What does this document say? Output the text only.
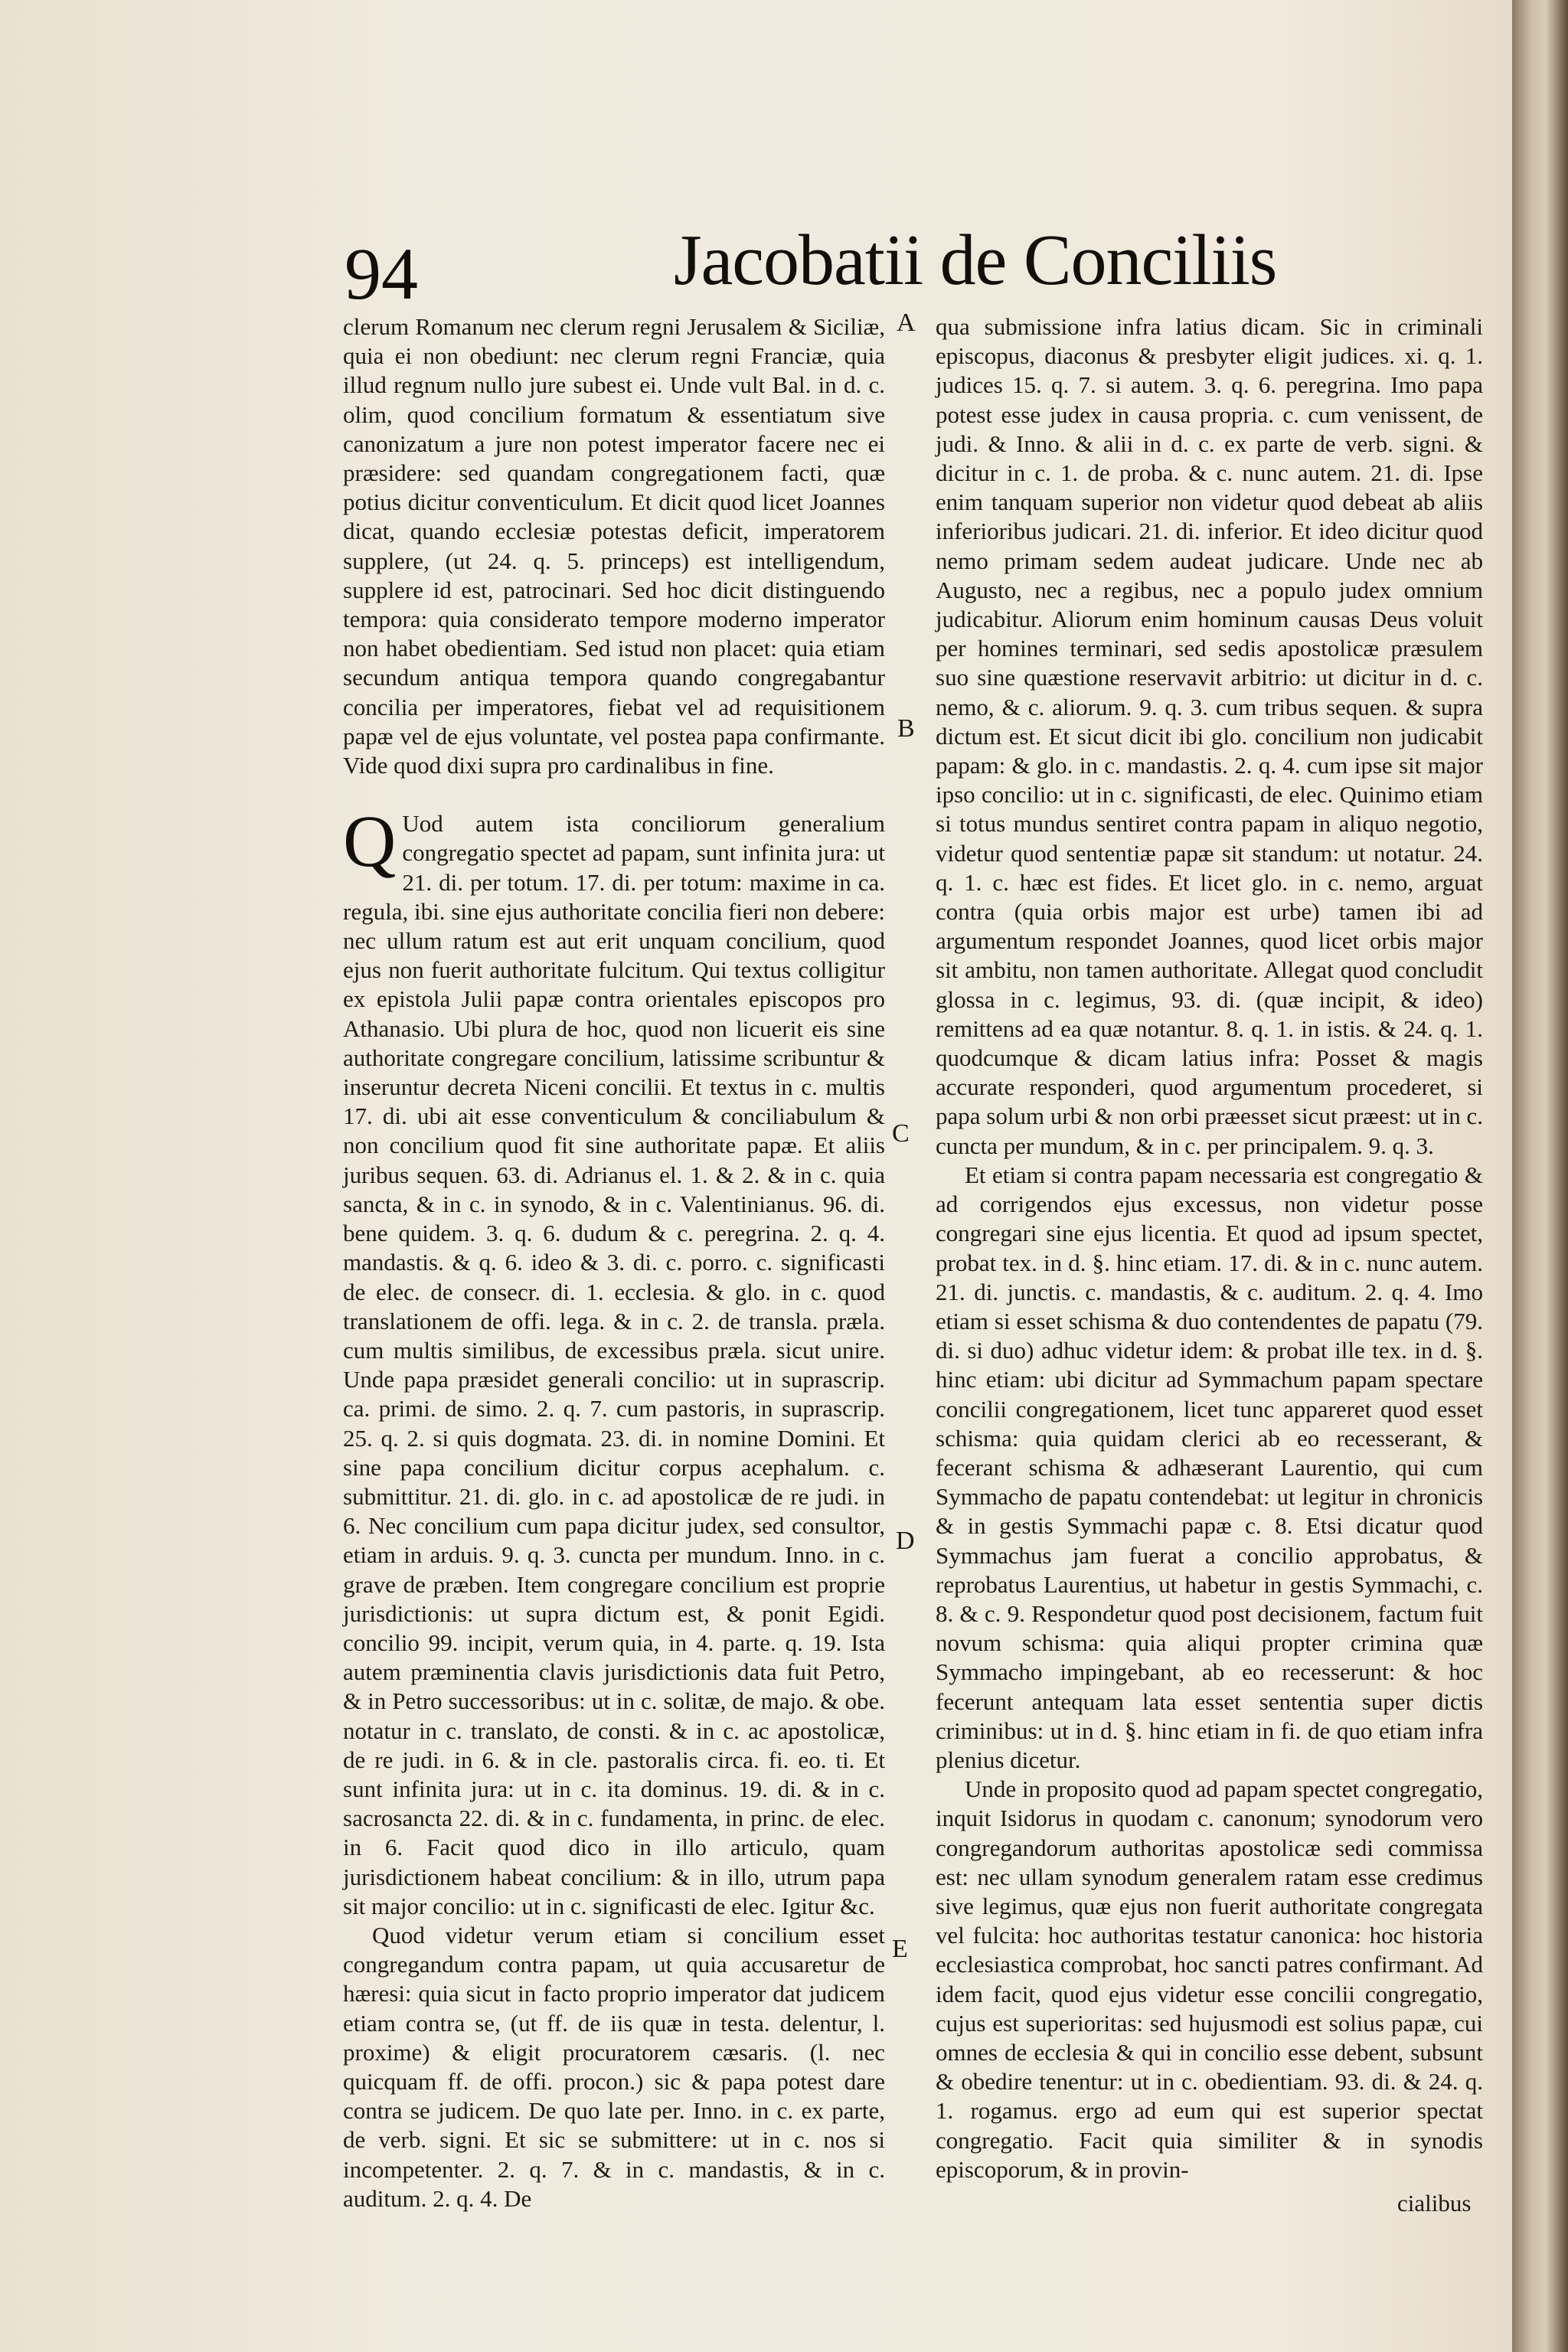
94	Jacobatii de Conciliis

clerum Romanum nec clerum regni Jerusalem & Siciliæ, quia ei non obediunt: nec clerum regni Franciæ, quia illud regnum nullo jure subest ei. Unde vult Bal. in d. c. olim, quod concilium formatum & essentiatum sive canonizatum a jure non potest imperator facere nec ei præsidere: sed quandam congregationem facti, quæ potius dicitur conventiculum. Et dicit quod licet Joannes dicat, quando ecclesiæ potestas deficit, imperatorem supplere, (ut 24. q. 5. princeps) est intelligendum, supplere id est, patrocinari. Sed hoc dicit distinguendo tempora: quia considerato tempore moderno imperator non habet obedientiam. Sed istud non placet: quia etiam secundum antiqua tempora quando congregabantur concilia per imperatores, fiebat vel ad requisitionem papæ vel de ejus voluntate, vel postea papa confirmante. Vide quod dixi supra pro cardinalibus in fine.

Q Uod autem ista conciliorum generalium congregatio spectet ad papam, sunt infinita jura: ut 21. di. per totum. 17. di. per totum: maxime in ca. regula, ibi. sine ejus authoritate concilia fieri non debere: nec ullum ratum est aut erit unquam concilium, quod ejus non fuerit authoritate fulcitum. Qui textus colligitur ex epistola Julii papæ contra orientales episcopos pro Athanasio. Ubi plura de hoc, quod non licuerit eis sine authoritate congregare concilium, latissime scribuntur & inseruntur decreta Niceni concilii. Et textus in c. multis 17. di. ubi ait esse conventiculum & conciliabulum & non concilium quod fit sine authoritate papæ. Et aliis juribus sequen. 63. di. Adrianus el. 1. & 2. & in c. quia sancta, & in c. in synodo, & in c. Valentinianus. 96. di. bene quidem. 3. q. 6. dudum & c. peregrina. 2. q. 4. mandastis. & q. 6. ideo & 3. di. c. porro. c. significasti de elec. de consecr. di. 1. ecclesia. & glo. in c. quod translationem de offi. lega. & in c. 2. de transla. præla. cum multis similibus, de excessibus præla. sicut unire. Unde papa præsidet generali concilio: ut in suprascrip. ca. primi. de simo. 2. q. 7. cum pastoris, in suprascrip. 25. q. 2. si quis dogmata. 23. di. in nomine Domini. Et sine papa concilium dicitur corpus acephalum. c. submittitur. 21. di. glo. in c. ad apostolicæ de re judi. in 6. Nec concilium cum papa dicitur judex, sed consultor, etiam in arduis. 9. q. 3. cuncta per mundum. Inno. in c. grave de præben. Item congregare concilium est proprie jurisdictionis: ut supra dictum est, & ponit Egidi. concilio 99. incipit, verum quia, in 4. parte. q. 19. Ista autem præminentia clavis jurisdictionis data fuit Petro, & in Petro successoribus: ut in c. solitæ, de majo. & obe. notatur in c. translato, de consti. & in c. ac apostolicæ, de re judi. in 6. & in cle. pastoralis circa. fi. eo. ti. Et sunt infinita jura: ut in c. ita dominus. 19. di. & in c. sacrosancta 22. di. & in c. fundamenta, in princ. de elec. in 6. Facit quod dico in illo articulo, quam jurisdictionem habeat concilium: & in illo, utrum papa sit major concilio: ut in c. significasti de elec. Igitur &c.

Quod videtur verum etiam si concilium esset congregandum contra papam, ut quia accusaretur de hæresi: quia sicut in facto proprio imperator dat judicem etiam contra se, (ut ff. de iis quæ in testa. delentur, l. proxime) & eligit procuratorem cæsaris. (l. nec quicquam ff. de offi. procon.) sic & papa potest dare contra se judicem. De quo late per. Inno. in c. ex parte, de verb. signi. Et sic se submittere: ut in c. nos si incompetenter. 2. q. 7. & in c. mandastis, & in c. auditum. 2. q. 4. De

A
B
C
D
E

qua submissione infra latius dicam. Sic in criminali episcopus, diaconus & presbyter eligit judices. xi. q. 1. judices 15. q. 7. si autem. 3. q. 6. peregrina. Imo papa potest esse judex in causa propria. c. cum venissent, de judi. & Inno. & alii in d. c. ex parte de verb. signi. & dicitur in c. 1. de proba. & c. nunc autem. 21. di. Ipse enim tanquam superior non videtur quod debeat ab aliis inferioribus judicari. 21. di. inferior. Et ideo dicitur quod nemo primam sedem audeat judicare. Unde nec ab Augusto, nec a regibus, nec a populo judex omnium judicabitur. Aliorum enim hominum causas Deus voluit per homines terminari, sed sedis apostolicæ præsulem suo sine quæstione reservavit arbitrio: ut dicitur in d. c. nemo, & c. aliorum. 9. q. 3. cum tribus sequen. & supra dictum est. Et sicut dicit ibi glo. concilium non judicabit papam: & glo. in c. mandastis. 2. q. 4. cum ipse sit major ipso concilio: ut in c. significasti, de elec. Quinimo etiam si totus mundus sentiret contra papam in aliquo negotio, videtur quod sententiæ papæ sit standum: ut notatur. 24. q. 1. c. hæc est fides. Et licet glo. in c. nemo, arguat contra (quia orbis major est urbe) tamen ibi ad argumentum respondet Joannes, quod licet orbis major sit ambitu, non tamen authoritate. Allegat quod concludit glossa in c. legimus, 93. di. (quæ incipit, & ideo) remittens ad ea quæ notantur. 8. q. 1. in istis. & 24. q. 1. quodcumque & dicam latius infra: Posset & magis accurate responderi, quod argumentum procederet, si papa solum urbi & non orbi præesset sicut præest: ut in c. cuncta per mundum, & in c. per principalem. 9. q. 3.

Et etiam si contra papam necessaria est congregatio & ad corrigendos ejus excessus, non videtur posse congregari sine ejus licentia. Et quod ad ipsum spectet, probat tex. in d. §. hinc etiam. 17. di. & in c. nunc autem. 21. di. junctis. c. mandastis, & c. auditum. 2. q. 4. Imo etiam si esset schisma & duo contendentes de papatu (79. di. si duo) adhuc videtur idem: & probat ille tex. in d. §. hinc etiam: ubi dicitur ad Symmachum papam spectare concilii congregationem, licet tunc appareret quod esset schisma: quia quidam clerici ab eo recesserant, & fecerant schisma & adhæserant Laurentio, qui cum Symmacho de papatu contendebat: ut legitur in chronicis & in gestis Symmachi papæ c. 8. Etsi dicatur quod Symmachus jam fuerat a concilio approbatus, & reprobatus Laurentius, ut habetur in gestis Symmachi, c. 8. & c. 9. Respondetur quod post decisionem, factum fuit novum schisma: quia aliqui propter crimina quæ Symmacho impingebant, ab eo recesserunt: & hoc fecerunt antequam lata esset sententia super dictis criminibus: ut in d. §. hinc etiam in fi. de quo etiam infra plenius dicetur.

Unde in proposito quod ad papam spectet congregatio, inquit Isidorus in quodam c. canonum; synodorum vero congregandorum authoritas apostolicæ sedi commissa est: nec ullam synodum generalem ratam esse credimus sive legimus, quæ ejus non fuerit authoritate congregata vel fulcita: hoc authoritas testatur canonica: hoc historia ecclesiastica comprobat, hoc sancti patres confirmant. Ad idem facit, quod ejus videtur esse concilii congregatio, cujus est superioritas: sed hujusmodi est solius papæ, cui omnes de ecclesia & qui in concilio esse debent, subsunt & obedire tenentur: ut in c. obedientiam. 93. di. & 24. q. 1. rogamus. ergo ad eum qui est superior spectat congregatio. Facit quia similiter & in synodis episcoporum, & in provin-

cialibus
